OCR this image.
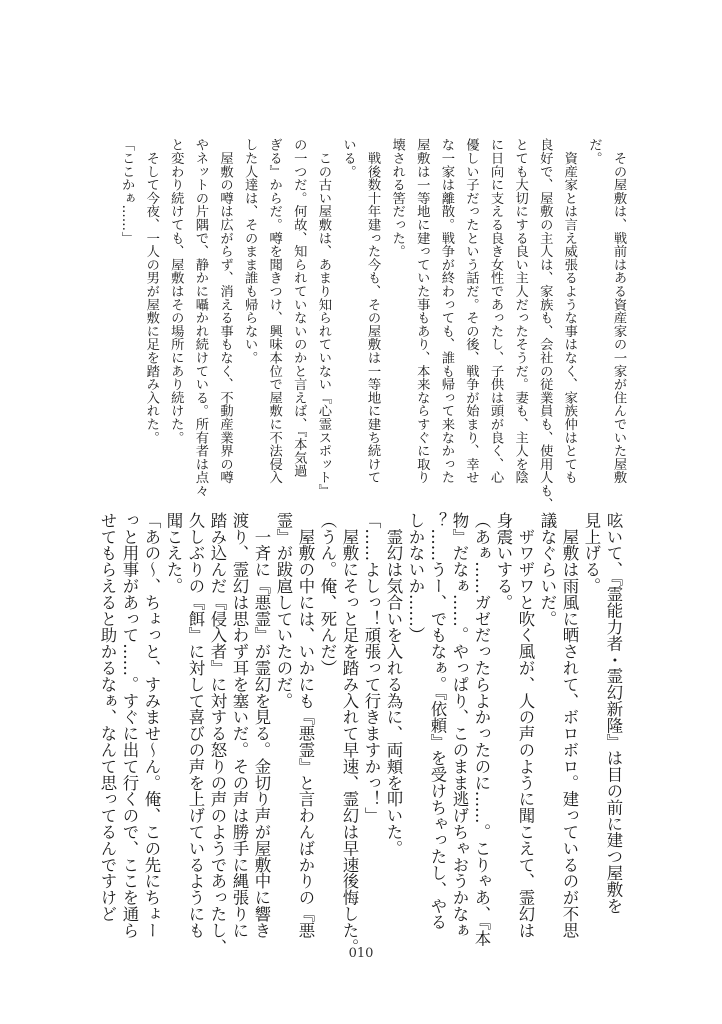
　その屋敷は、戦前はある資産家の一家が住んでいた屋敷
だ。
　資産家とは言え威張るような事はなく、家族仲はとても
良好で、屋敷の主人は、家族も、会社の従業員も、使用人も、
とても大切にする良い主人だったそうだ。妻も、主人を陰
に日向に支える良き女性であったし、子供は頭が良く、心
優しい子だったという話だ。その後、戦争が始まり、幸せ
な一家は離散。戦争が終わっても、誰も帰って来なかった
屋敷は一等地に建っていた事もあり、本来ならすぐに取り
壊される筈だった。
　戦後数十年建った今も、その屋敷は一等地に建ち続けて
いる。
　この古い屋敷は、あまり知られていない『心霊スポット』
の一つだ。何故、知られていないのかと言えば、『本気過
ぎる』からだ。噂を聞きつけ、興味本位で屋敷に不法侵入
した人達は、そのまま誰も帰らない。
　屋敷の噂は広がらず、消える事もなく、不動産業界の噂
やネットの片隅で、静かに囁かれ続けている。所有者は点々
と変わり続けても、屋敷はその場所にあり続けた。
　そして今夜、一人の男が屋敷に足を踏み入れた。
「ここかぁ……」
呟いて、『霊能力者・霊幻新隆』は目の前に建つ屋敷を
見上げる。
　屋敷は雨風に晒されて、ボロボロ。建っているのが不思
議なぐらいだ。
　ザワザワと吹く風が、人の声のように聞こえて、霊幻は
身震いする。
（あぁ……ガゼだったらよかったのに……。こりゃあ、『本
物』だなぁ……。やっぱり、このまま逃げちゃおうかなぁ
？……うー、でもなぁ。『依頼』を受けちゃったし、やる
しかないか……）
　霊幻は気合いを入れる為に、両頬を叩いた。
「……よしっ！頑張って行きますかっ！」
　屋敷にそっと足を踏み入れて早速、霊幻は早速後悔した。
（うん。俺、死んだ）
　屋敷の中には、いかにも『悪霊』と言わんばかりの『悪
霊』が跋扈していたのだ。
　一斉に『悪霊』が霊幻を見る。金切り声が屋敷中に響き
渡り、霊幻は思わず耳を塞いだ。その声は勝手に縄張りに
踏み込んだ『侵入者』に対する怒りの声のようであったし、
久しぶりの『餌』に対して喜びの声を上げているようにも
聞こえた。
「あの～、ちょっと、すみませ～ん。俺、この先にちょー
っと用事があって……。すぐに出て行くので、ここを通ら
せてもらえると助かるなぁ、なんて思ってるんですけど
010
